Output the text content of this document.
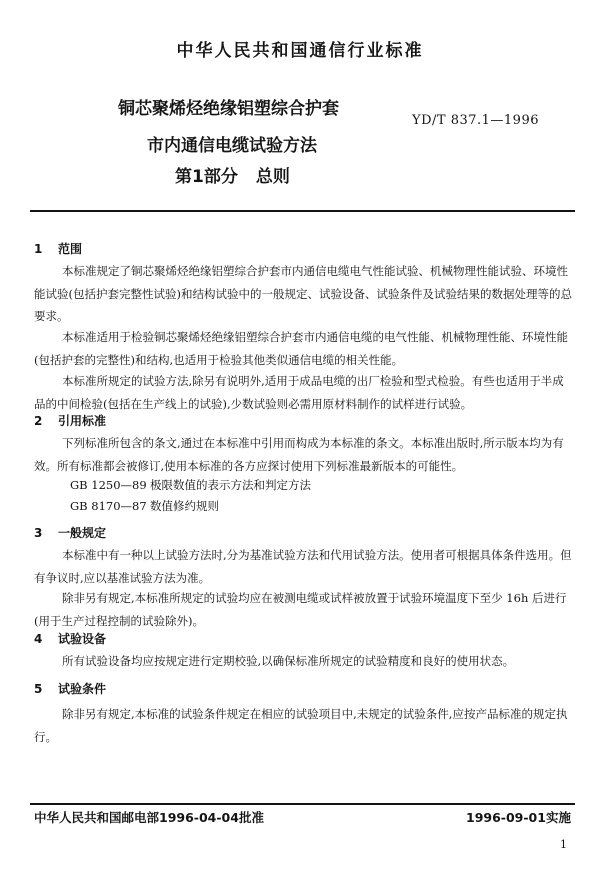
中华人民共和国通信行业标准
铜芯聚烯烃绝缘铝塑综合护套
YD/T 837.1—1996
市内通信电缆试验方法
第1部分 总则
1 范围
本标准规定了铜芯聚烯烃绝缘铝塑综合护套市内通信电缆电气性能试验、机械物理性能试验、环境性能试验(包括护套完整性试验)和结构试验中的一般规定、试验设备、试验条件及试验结果的数据处理等的总要求。
本标准适用于检验铜芯聚烯烃绝缘铝塑综合护套市内通信电缆的电气性能、机械物理性能、环境性能(包括护套的完整性)和结构,也适用于检验其他类似通信电缆的相关性能。
本标准所规定的试验方法,除另有说明外,适用于成品电缆的出厂检验和型式检验。有些也适用于半成品的中间检验(包括在生产线上的试验),少数试验则必需用原材料制作的试样进行试验。
2 引用标准
下列标准所包含的条文,通过在本标准中引用而构成为本标准的条文。本标准出版时,所示版本均为有效。所有标准都会被修订,使用本标准的各方应探讨使用下列标准最新版本的可能性。
GB 1250—89 极限数值的表示方法和判定方法
GB 8170—87 数值修约规则
3 一般规定
本标准中有一种以上试验方法时,分为基准试验方法和代用试验方法。使用者可根据具体条件选用。但有争议时,应以基准试验方法为准。
除非另有规定,本标准所规定的试验均应在被测电缆或试样被放置于试验环境温度下至少 16h 后进行(用于生产过程控制的试验除外)。
4 试验设备
所有试验设备均应按规定进行定期校验,以确保标准所规定的试验精度和良好的使用状态。
5 试验条件
除非另有规定,本标准的试验条件规定在相应的试验项目中,未规定的试验条件,应按产品标准的规定执行。
中华人民共和国邮电部1996-04-04批准	1996-09-01实施
1
